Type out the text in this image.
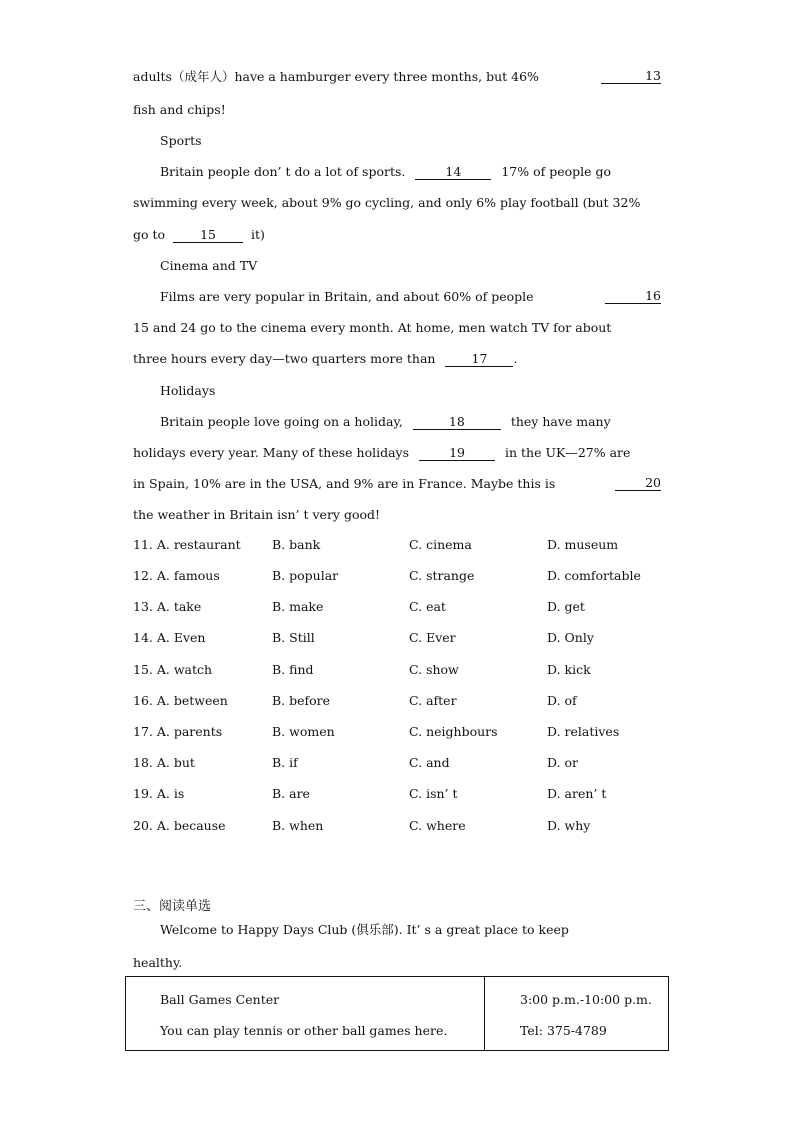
adults（成年人）have a hamburger every three months, but 46%	13
fish and chips!
Sports
Britain people don’ t do a lot of sports.	14	17% of people go
swimming every week, about 9% go cycling, and only 6% play football (but 32%
go to	15	it)
Cinema and TV
Films are very popular in Britain, and about 60% of people	16
15 and 24 go to the cinema every month. At home, men watch TV for about
three hours every day—two quarters more than	17 .
Holidays
Britain people love going on a holiday,	18	they have many
holidays every year. Many of these holidays	19	in the UK—27% are
in Spain, 10% are in the USA, and 9% are in France. Maybe this is	20
the weather in Britain isn’ t very good!
11. A. restaurant	B. bank	C. cinema	D. museum
12. A. famous	B. popular	C. strange	D. comfortable
13. A. take	B. make	C. eat	D. get
14. A. Even	B. Still	C. Ever	D. Only
15. A. watch	B. find	C. show	D. kick
16. A. between	B. before	C. after	D. of
17. A. parents	B. women	C. neighbours	D. relatives
18. A. but	B. if	C. and	D. or
19. A. is	B. are	C. isn’ t	D. aren’ t
20. A. because	B. when	C. where	D. why
三、阅读单选
Welcome to Happy Days Club (俱乐部). It’ s a great place to keep
healthy.
Ball Games Center
You can play tennis or other ball games here.

3:00 p.m.-10:00 p.m.
Tel: 375-4789
